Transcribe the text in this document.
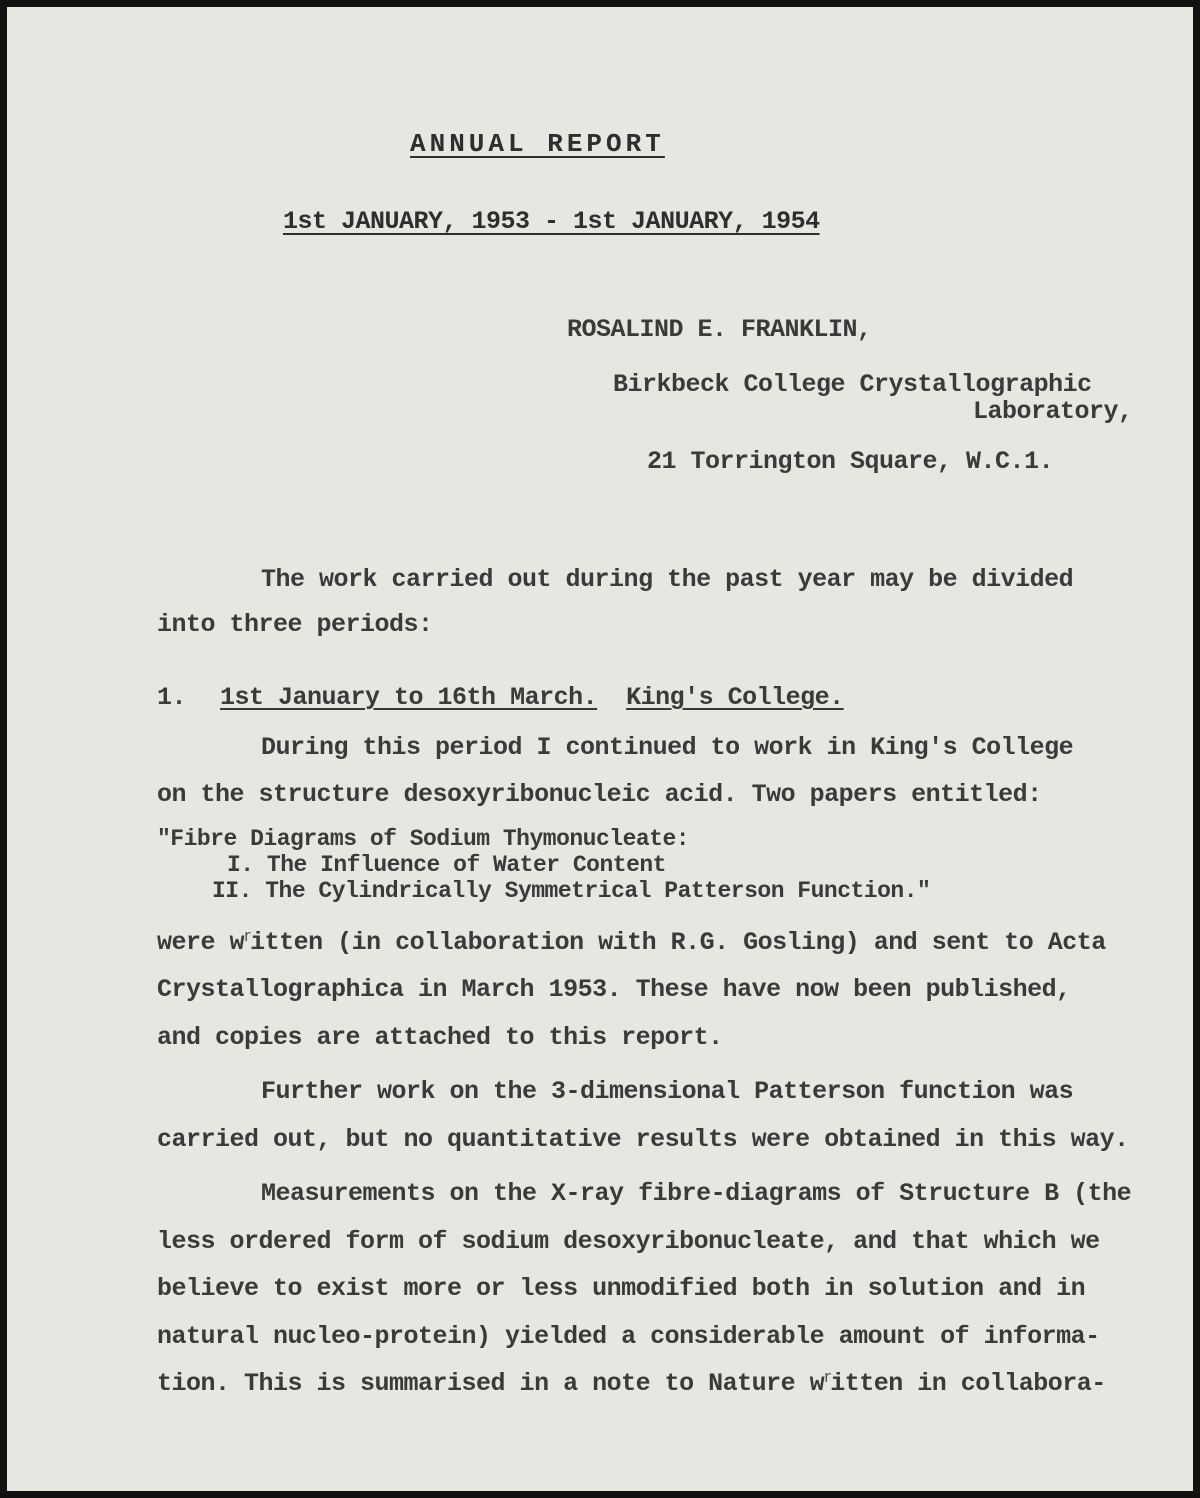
ANNUAL REPORT
1st JANUARY, 1953 - 1st JANUARY, 1954
ROSALIND E. FRANKLIN,
Birkbeck College Crystallographic
Laboratory,
21 Torrington Square, W.C.1.
The work carried out during the past year may be divided
into three periods:
1. 1st January to 16th March. King's College.
During this period I continued to work in King's College
on the structure desoxyribonucleic acid. Two papers entitled:
"Fibre Diagrams of Sodium Thymonucleate:
I. The Influence of Water Content
II. The Cylindrically Symmetrical Patterson Function."
were $w^ritten$ (in collaboration with R.G. Gosling) and sent to Acta
Crystallographica in March 1953. These have now been published,
and copies are attached to this report.
Further work on the 3-dimensional Patterson function was
carried out, but no quantitative results were obtained in this way.
Measurements on the X-ray fibre-diagrams of Structure B (the
less ordered form of sodium desoxyribonucleate, and that which we
believe to exist more or less unmodified both in solution and in
natural nucleo-protein) yielded a considerable amount of informa-
tion. This is summarised in a note to Nature $w^ritten$ in collabora-
